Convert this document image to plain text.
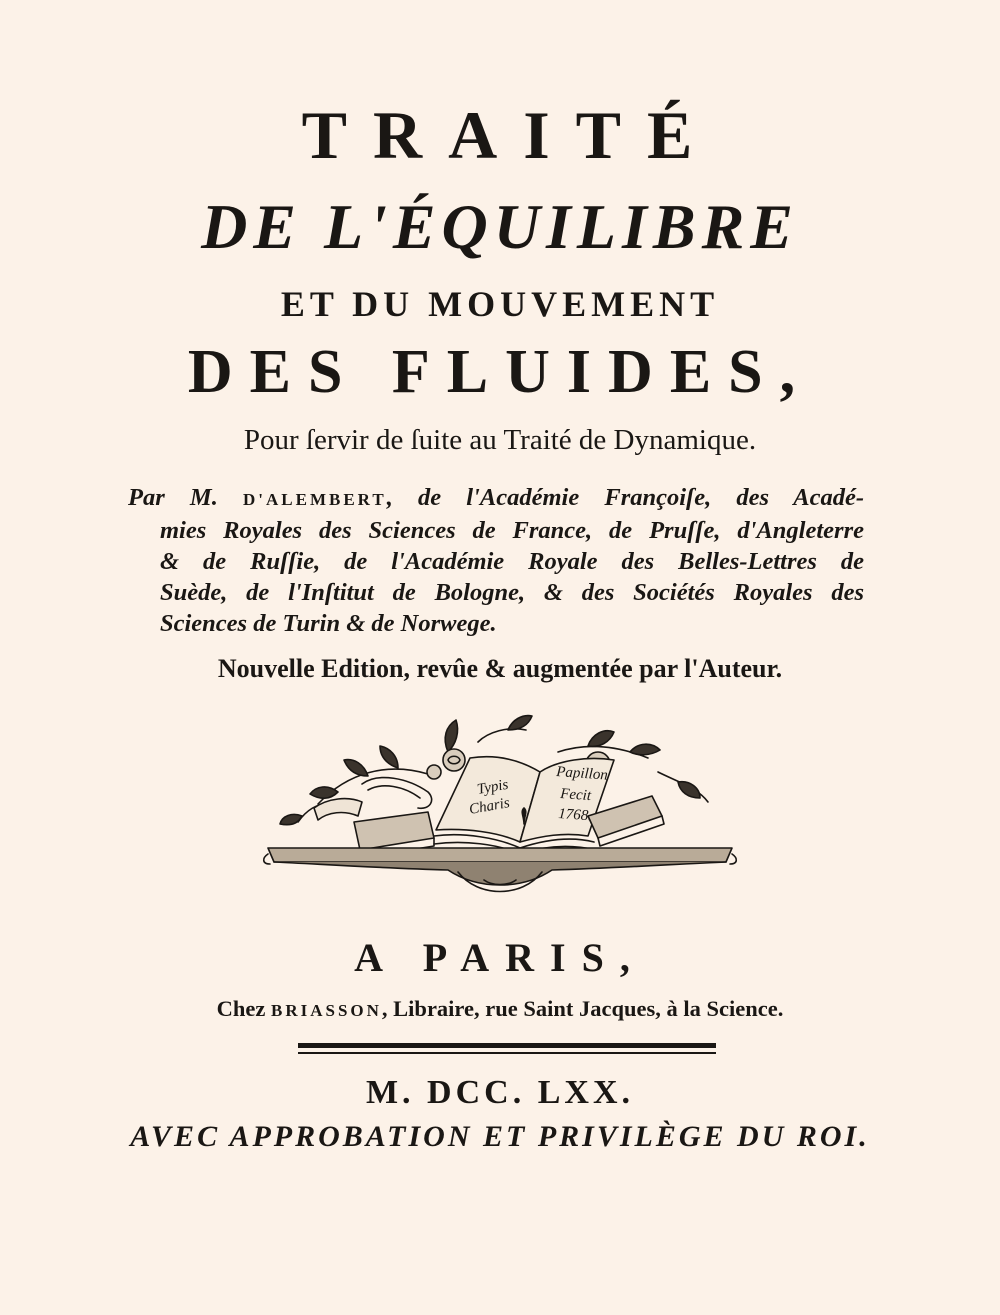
TRAITÉ
DE L'ÉQUILIBRE
ET DU MOUVEMENT
DES FLUIDES,
Pour ſervir de ſuite au Traité de Dynamique.
Par M. D'ALEMBERT, de l'Académie Françoiſe, des Acadé-
mies Royales des Sciences de France, de Pruſſe, d'Angleterre
& de Ruſſie, de l'Académie Royale des Belles-Lettres de
Suède, de l'Inſtitut de Bologne, & des Sociétés Royales des
Sciences de Turin & de Norwege.
Nouvelle Edition, revûe & augmentée par l'Auteur.
Typis
Charis
Papillon
Fecit
1768.
A PARIS,
Chez BRIASSON, Libraire, rue Saint Jacques, à la Science.
M. DCC. LXX.
AVEC APPROBATION ET PRIVILÈGE DU ROI.
